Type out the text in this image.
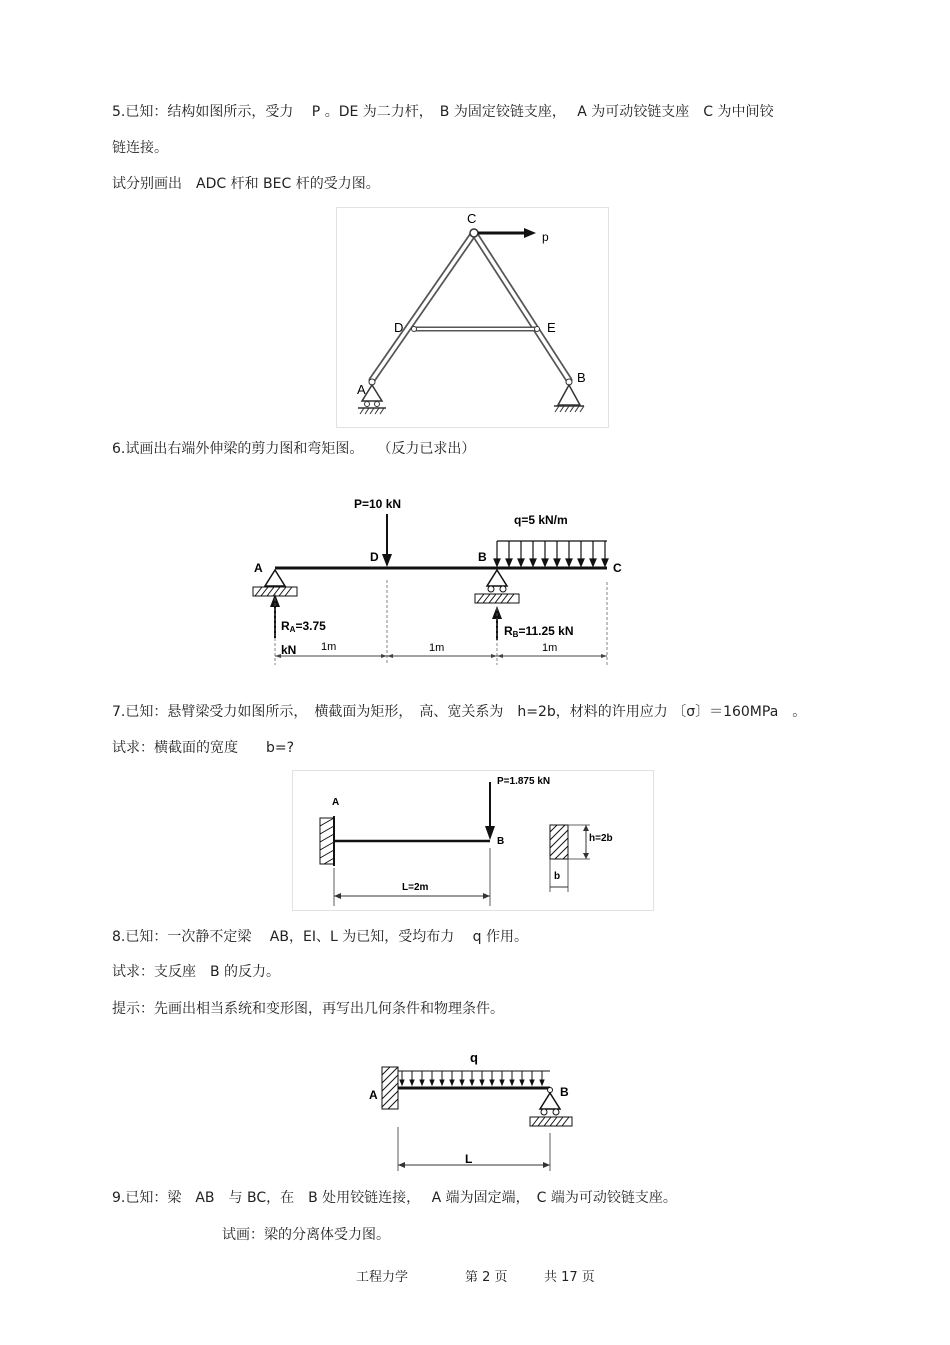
5.已知：结构如图所示，受力　 P 。DE 为二力杆，　B 为固定铰链支座，　 A 为可动铰链支座　C 为中间铰
链连接。
试分别画出　ADC 杆和 BEC 杆的受力图。
C
p
D	E
A
B
6.试画出右端外伸梁的剪力图和弯矩图。　　（反力已求出）
P=10 kN
q=5 kN/m
A
D	B
C
RA=3.75
kN
RB=11.25 kN
1m	1m	1m
7.已知：悬臂梁受力如图所示，　横截面为矩形，　高、宽关系为　h=2b，材料的许用应力 〔σ〕＝160MPa　。
试求：横截面的宽度　　b=?
A
P=1.875 kN
B
L=2m
h=2b
b
8.已知：一次静不定梁　 AB，EI、L 为已知，受均布力　 q 作用。
试求：支反座　B 的反力。
提示：先画出相当系统和变形图，再写出几何条件和物理条件。
q
A	B
L
9.已知：梁　AB　与 BC，在　B 处用铰链连接，　 A 端为固定端，　C 端为可动铰链支座。
试画：梁的分离体受力图。
工程力学	第 2 页	共 17 页
